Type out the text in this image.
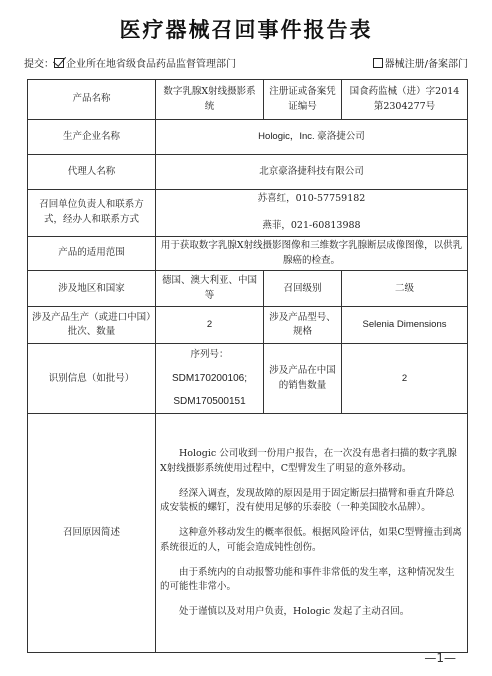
医疗器械召回事件报告表
提交： 企业所在地省级食品药品监督管理部门	器械注册/备案部门
产品名称	数字乳腺X射线摄影系统	注册证或备案凭证编号	国食药监械（进）字2014第2304277号
生产企业名称	Hologic，Inc. 豪洛捷公司		
代理人名称	北京豪洛捷科技有限公司		
召回单位负责人和联系方式，经办人和联系方式	苏喜红，010-57759182
燕菲，021-60813988		

产品的适用范围	用于获取数字乳腺X射线摄影图像和三维数字乳腺断层成像图像，以供乳腺癌的检查。		
涉及地区和国家	德国、澳大利亚、中国等	召回级别	二级
涉及产品生产（或进口中国）批次、数量	2	涉及产品型号、规格	Selenia Dimensions
识别信息（如批号）	序列号：
SDM170200106;
SDM170500151	涉及产品在中国的销售数量	2
召回原因简述	Hologic 公司收到一份用户报告，在一次没有患者扫描的数字乳腺X射线摄影系统使用过程中，C型臂发生了明显的意外移动。

经深入调查，发现故障的原因是用于固定断层扫描臂和垂直升降总成安装板的螺钉，没有使用足够的乐泰胶（一种美国胶水品牌）。

这种意外移动发生的概率很低。根据风险评估，如果C型臂撞击到离系统很近的人，可能会造成钝性创伤。

由于系统内的自动报警功能和事件非常低的发生率，这种情况发生的可能性非常小。

处于谨慎以及对用户负责，Hologic 发起了主动召回。		

—1—
